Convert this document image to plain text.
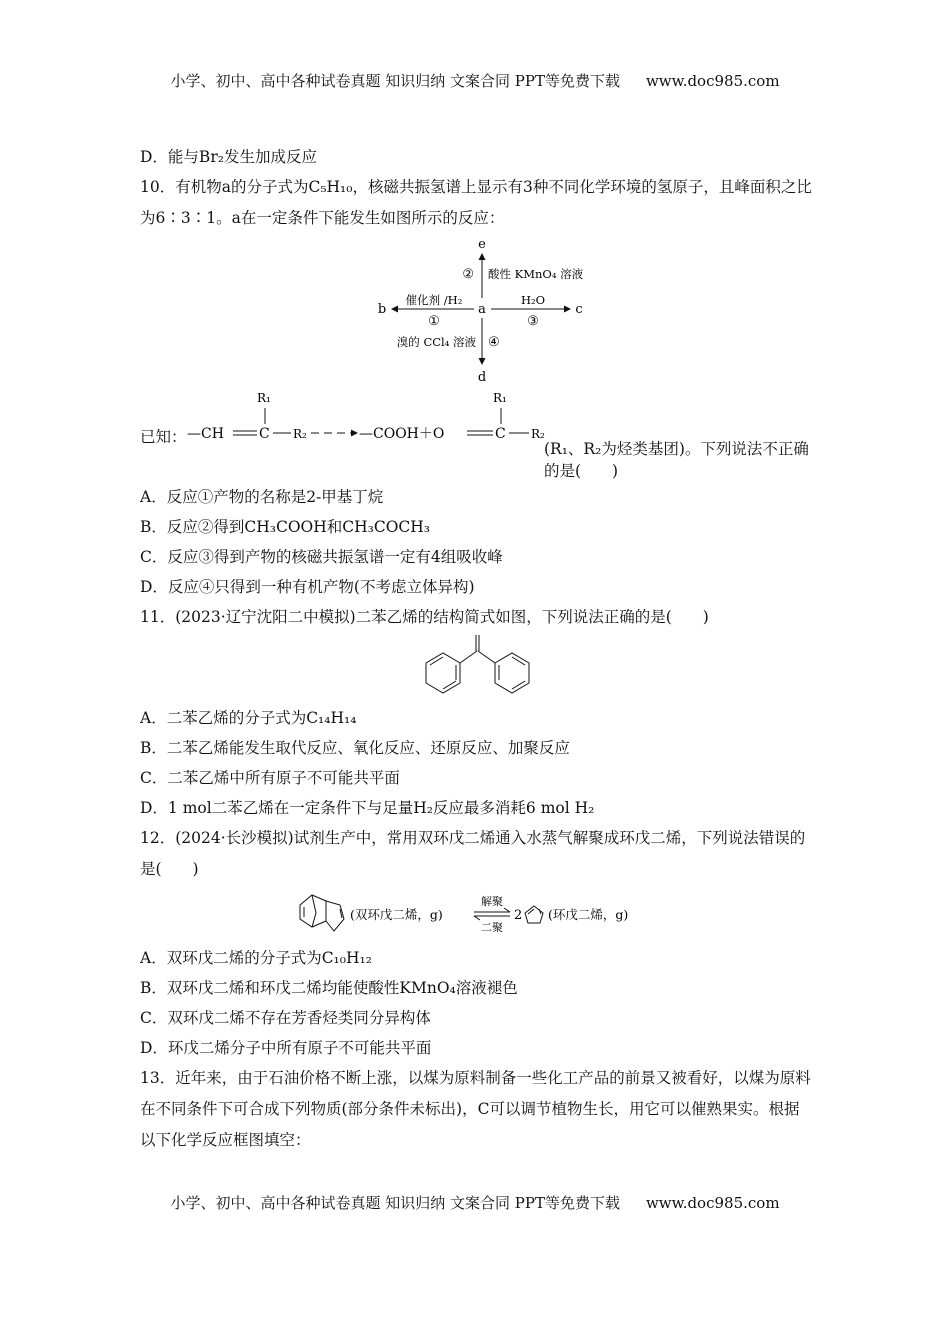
小学、初中、高中各种试卷真题 知识归纳 文案合同 PPT等免费下载 www.doc985.com

D．能与Br₂发生加成反应

10．有机物a的分子式为C₅H₁₀，核磁共振氢谱上显示有3种不同化学环境的氢原子，且峰面积之比为6∶3∶1。a在一定条件下能发生如图所示的反应：

e
② 酸性 KMnO₄ 溶液
b
催化剂 /H₂
①
a	c
H₂O
③
溴的 CCl₄ 溶液 ④
d
已知： —CH	C
R₁
R₂	—COOH＋O	C
R₁
R₂

(R₁、R₂为烃类基团)。下列说法不正确的是(　　)

A．反应①产物的名称是2-甲基丁烷

B．反应②得到CH₃COOH和CH₃COCH₃

C．反应③得到产物的核磁共振氢谱一定有4组吸收峰

D．反应④只得到一种有机产物(不考虑立体异构)

11．(2023·辽宁沈阳二中模拟)二苯乙烯的结构简式如图，下列说法正确的是(　　)

A．二苯乙烯的分子式为C₁₄H₁₄

B．二苯乙烯能发生取代反应、氧化反应、还原反应、加聚反应

C．二苯乙烯中所有原子不可能共平面

D．1 mol二苯乙烯在一定条件下与足量H₂反应最多消耗6 mol H₂

12．(2024·长沙模拟)试剂生产中，常用双环戊二烯通入水蒸气解聚成环戊二烯，下列说法错误的是(　　)

(双环戊二烯，g)
解聚
二聚
2 (环戊二烯，g)

A．双环戊二烯的分子式为C₁₀H₁₂

B．双环戊二烯和环戊二烯均能使酸性KMnO₄溶液褪色

C．双环戊二烯不存在芳香烃类同分异构体

D．环戊二烯分子中所有原子不可能共平面

13．近年来，由于石油价格不断上涨，以煤为原料制备一些化工产品的前景又被看好，以煤为原料在不同条件下可合成下列物质(部分条件未标出)，C可以调节植物生长，用它可以催熟果实。根据以下化学反应框图填空：

小学、初中、高中各种试卷真题 知识归纳 文案合同 PPT等免费下载 www.doc985.com
